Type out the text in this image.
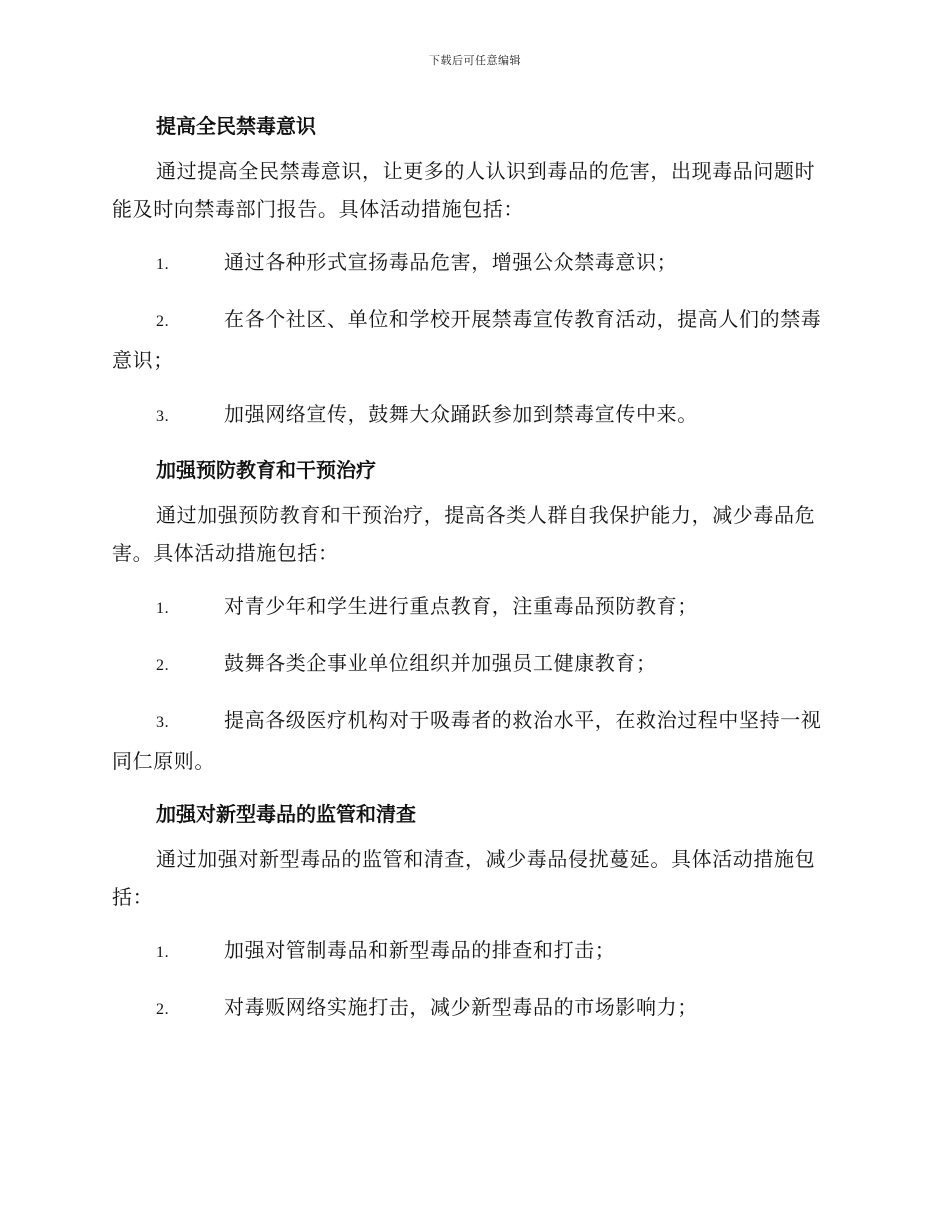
下载后可任意编辑
提高全民禁毒意识

通过提高全民禁毒意识，让更多的人认识到毒品的危害，出现毒品问题时能及时向禁毒部门报告。具体活动措施包括：

1.	通过各种形式宣扬毒品危害，增强公众禁毒意识；

2.	在各个社区、单位和学校开展禁毒宣传教育活动，提高人们的禁毒意识；

3.	加强网络宣传，鼓舞大众踊跃参加到禁毒宣传中来。

加强预防教育和干预治疗

通过加强预防教育和干预治疗，提高各类人群自我保护能力，减少毒品危害。具体活动措施包括：

1.	对青少年和学生进行重点教育，注重毒品预防教育；

2.	鼓舞各类企事业单位组织并加强员工健康教育；

3.	提高各级医疗机构对于吸毒者的救治水平，在救治过程中坚持一视同仁原则。

加强对新型毒品的监管和清查

通过加强对新型毒品的监管和清查，减少毒品侵扰蔓延。具体活动措施包括：

1.	加强对管制毒品和新型毒品的排查和打击；

2.	对毒贩网络实施打击，减少新型毒品的市场影响力；
